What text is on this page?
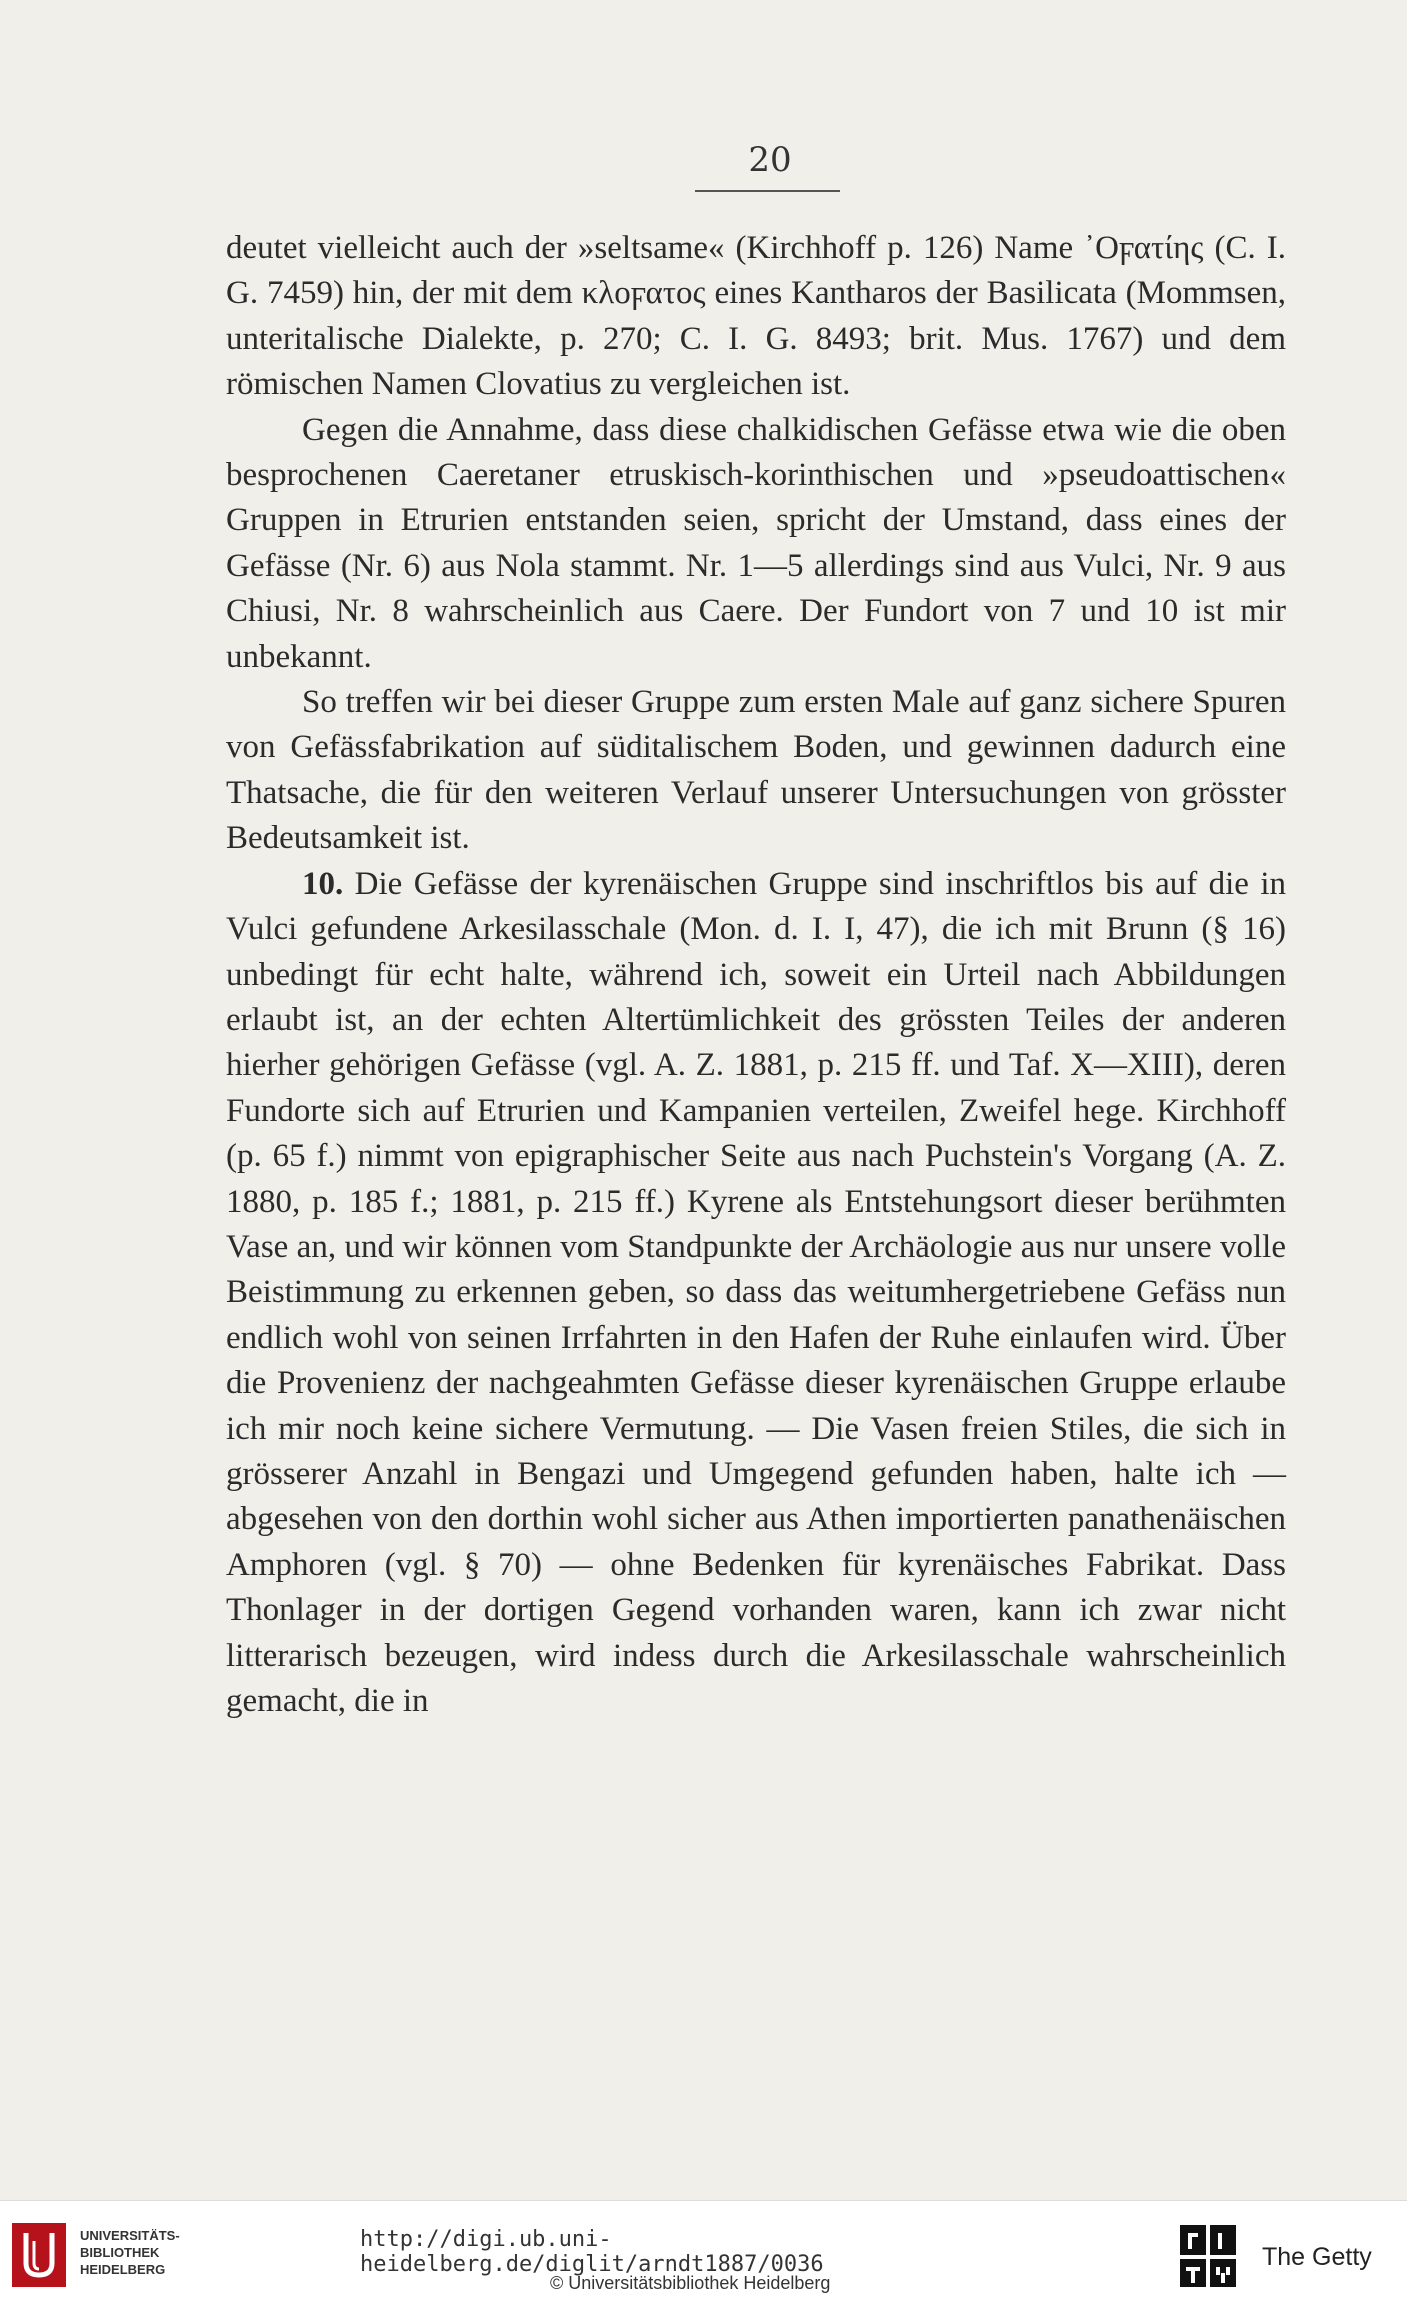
20

deutet vielleicht auch der »seltsame« (Kirchhoff p. 126) Name ᾿Οϝατίης (C. I. G. 7459) hin, der mit dem κλοϝατος eines Kantharos der Basilicata (Mommsen, unteritalische Dialekte, p. 270; C. I. G. 8493; brit. Mus. 1767) und dem römischen Namen Clovatius zu vergleichen ist.

Gegen die Annahme, dass diese chalkidischen Gefässe etwa wie die oben besprochenen Caeretaner etruskisch-korinthischen und »pseudoattischen« Gruppen in Etrurien entstanden seien, spricht der Umstand, dass eines der Gefässe (Nr. 6) aus Nola stammt. Nr. 1—5 allerdings sind aus Vulci, Nr. 9 aus Chiusi, Nr. 8 wahrscheinlich aus Caere. Der Fundort von 7 und 10 ist mir unbekannt.

So treffen wir bei dieser Gruppe zum ersten Male auf ganz sichere Spuren von Gefässfabrikation auf süditalischem Boden, und gewinnen dadurch eine Thatsache, die für den weiteren Verlauf unserer Untersuchungen von grösster Bedeutsamkeit ist.

10. Die Gefässe der kyrenäischen Gruppe sind inschriftlos bis auf die in Vulci gefundene Arkesilasschale (Mon. d. I. I, 47), die ich mit Brunn (§ 16) unbedingt für echt halte, während ich, soweit ein Urteil nach Abbildungen erlaubt ist, an der echten Altertümlichkeit des grössten Teiles der anderen hierher gehörigen Gefässe (vgl. A. Z. 1881, p. 215 ff. und Taf. X—XIII), deren Fundorte sich auf Etrurien und Kampanien verteilen, Zweifel hege. Kirchhoff (p. 65 f.) nimmt von epigraphischer Seite aus nach Puchstein's Vorgang (A. Z. 1880, p. 185 f.; 1881, p. 215 ff.) Kyrene als Entstehungsort dieser berühmten Vase an, und wir können vom Standpunkte der Archäologie aus nur unsere volle Beistimmung zu erkennen geben, so dass das weitumhergetriebene Gefäss nun endlich wohl von seinen Irrfahrten in den Hafen der Ruhe einlaufen wird. Über die Provenienz der nachgeahmten Gefässe dieser kyrenäischen Gruppe erlaube ich mir noch keine sichere Vermutung. — Die Vasen freien Stiles, die sich in grösserer Anzahl in Bengazi und Umgegend gefunden haben, halte ich — abgesehen von den dorthin wohl sicher aus Athen importierten panathenäischen Amphoren (vgl. § 70) — ohne Bedenken für kyrenäisches Fabrikat. Dass Thonlager in der dortigen Gegend vorhanden waren, kann ich zwar nicht litterarisch bezeugen, wird indess durch die Arkesilasschale wahrscheinlich gemacht, die in

UNIVERSITÄTS-
BIBLIOTHEK
HEIDELBERG
http://digi.ub.uni-heidelberg.de/diglit/arndt1887/0036
© Universitätsbibliothek Heidelberg
The Getty
